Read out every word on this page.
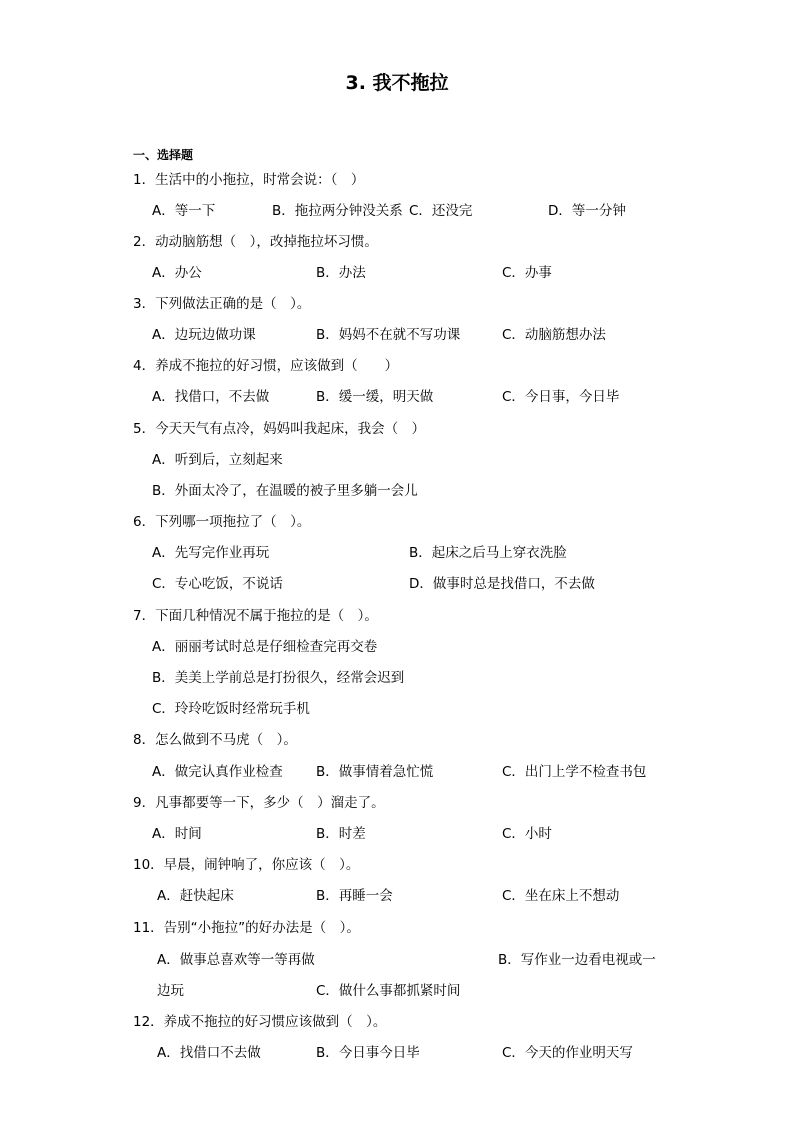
3. 我不拖拉
一、选择题
1．生活中的小拖拉，时常会说：（　）
A．等一下	B．拖拉两分钟没关系 C．还没完	D．等一分钟
2．动动脑筋想（　），改掉拖拉坏习惯。
A．办公	B．办法	C．办事
3．下列做法正确的是（　）。
A．边玩边做功课	B．妈妈不在就不写功课	C．动脑筋想办法
4．养成不拖拉的好习惯，应该做到（　　）
A．找借口，不去做	B．缓一缓，明天做	C．今日事，今日毕
5．今天天气有点冷，妈妈叫我起床，我会（　）
A．听到后，立刻起来
B．外面太冷了，在温暖的被子里多躺一会儿
6．下列哪一项拖拉了（　）。
A．先写完作业再玩	B．起床之后马上穿衣洗脸
C．专心吃饭，不说话	D．做事时总是找借口，不去做
7．下面几种情况不属于拖拉的是（　）。
A．丽丽考试时总是仔细检查完再交卷
B．美美上学前总是打扮很久，经常会迟到
C．玲玲吃饭时经常玩手机
8．怎么做到不马虎（　）。
A．做完认真作业检查 B．做事情着急忙慌	C．出门上学不检查书包
9．凡事都要等一下，多少（　）溜走了。
A．时间	B．时差	C．小时
10．早晨，闹钟响了，你应该（　）。
A．赶快起床	B．再睡一会	C．坐在床上不想动
11．告别“小拖拉”的好办法是（　）。
A．做事总喜欢等一等再做	B．写作业一边看电视或一
边玩	C．做什么事都抓紧时间
12．养成不拖拉的好习惯应该做到（　）。
A．找借口不去做	B．今日事今日毕	C．今天的作业明天写
